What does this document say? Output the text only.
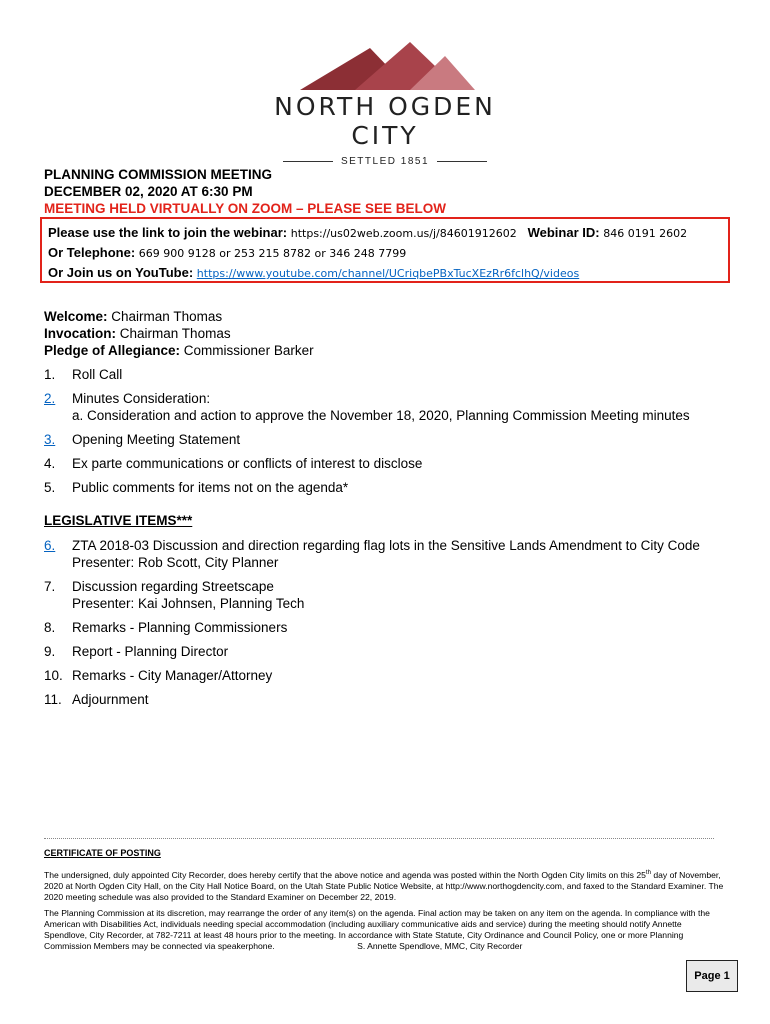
NORTH OGDEN CITY
SETTLED 1851
PLANNING COMMISSION MEETING
DECEMBER 02, 2020 AT 6:30 PM
MEETING HELD VIRTUALLY ON ZOOM – PLEASE SEE BELOW
Please use the link to join the webinar: https://us02web.zoom.us/j/84601912602 Webinar ID: 846 0191 2602
Or Telephone: 669 900 9128 or 253 215 8782 or 346 248 7799
Or Join us on YouTube: https://www.youtube.com/channel/UCriqbePBxTucXEzRr6fclhQ/videos
Welcome: Chairman Thomas
Invocation: Chairman Thomas
Pledge of Allegiance: Commissioner Barker
1.	Roll Call
2.	Minutes Consideration:
a. Consideration and action to approve the November 18, 2020, Planning Commission Meeting minutes
3.	Opening Meeting Statement
4.	Ex parte communications or conflicts of interest to disclose
5.	Public comments for items not on the agenda*
LEGISLATIVE ITEMS***
6.	ZTA 2018-03 Discussion and direction regarding flag lots in the Sensitive Lands Amendment to City Code
Presenter: Rob Scott, City Planner
7.	Discussion regarding Streetscape
Presenter: Kai Johnsen, Planning Tech
8.	Remarks - Planning Commissioners
9.	Report - Planning Director
10. Remarks - City Manager/Attorney
11. Adjournment
CERTIFICATE OF POSTING
The undersigned, duly appointed City Recorder, does hereby certify that the above notice and agenda was posted within the North Ogden City limits on this 25th day of November, 2020 at North Ogden City Hall, on the City Hall Notice Board, on the Utah State Public Notice Website, at http://www.northogdencity.com, and faxed to the Standard Examiner. The 2020 meeting schedule was also provided to the Standard Examiner on December 22, 2019.
The Planning Commission at its discretion, may rearrange the order of any item(s) on the agenda. Final action may be taken on any item on the agenda. In compliance with the American with Disabilities Act, individuals needing special accommodation (including auxiliary communicative aids and service) during the meeting should notify Annette Spendlove, City Recorder, at 782-7211 at least 48 hours prior to the meeting. In accordance with State Statute, City Ordinance and Council Policy, one or more Planning Commission Members may be connected via speakerphone.	S. Annette Spendlove, MMC, City Recorder
Page 1
